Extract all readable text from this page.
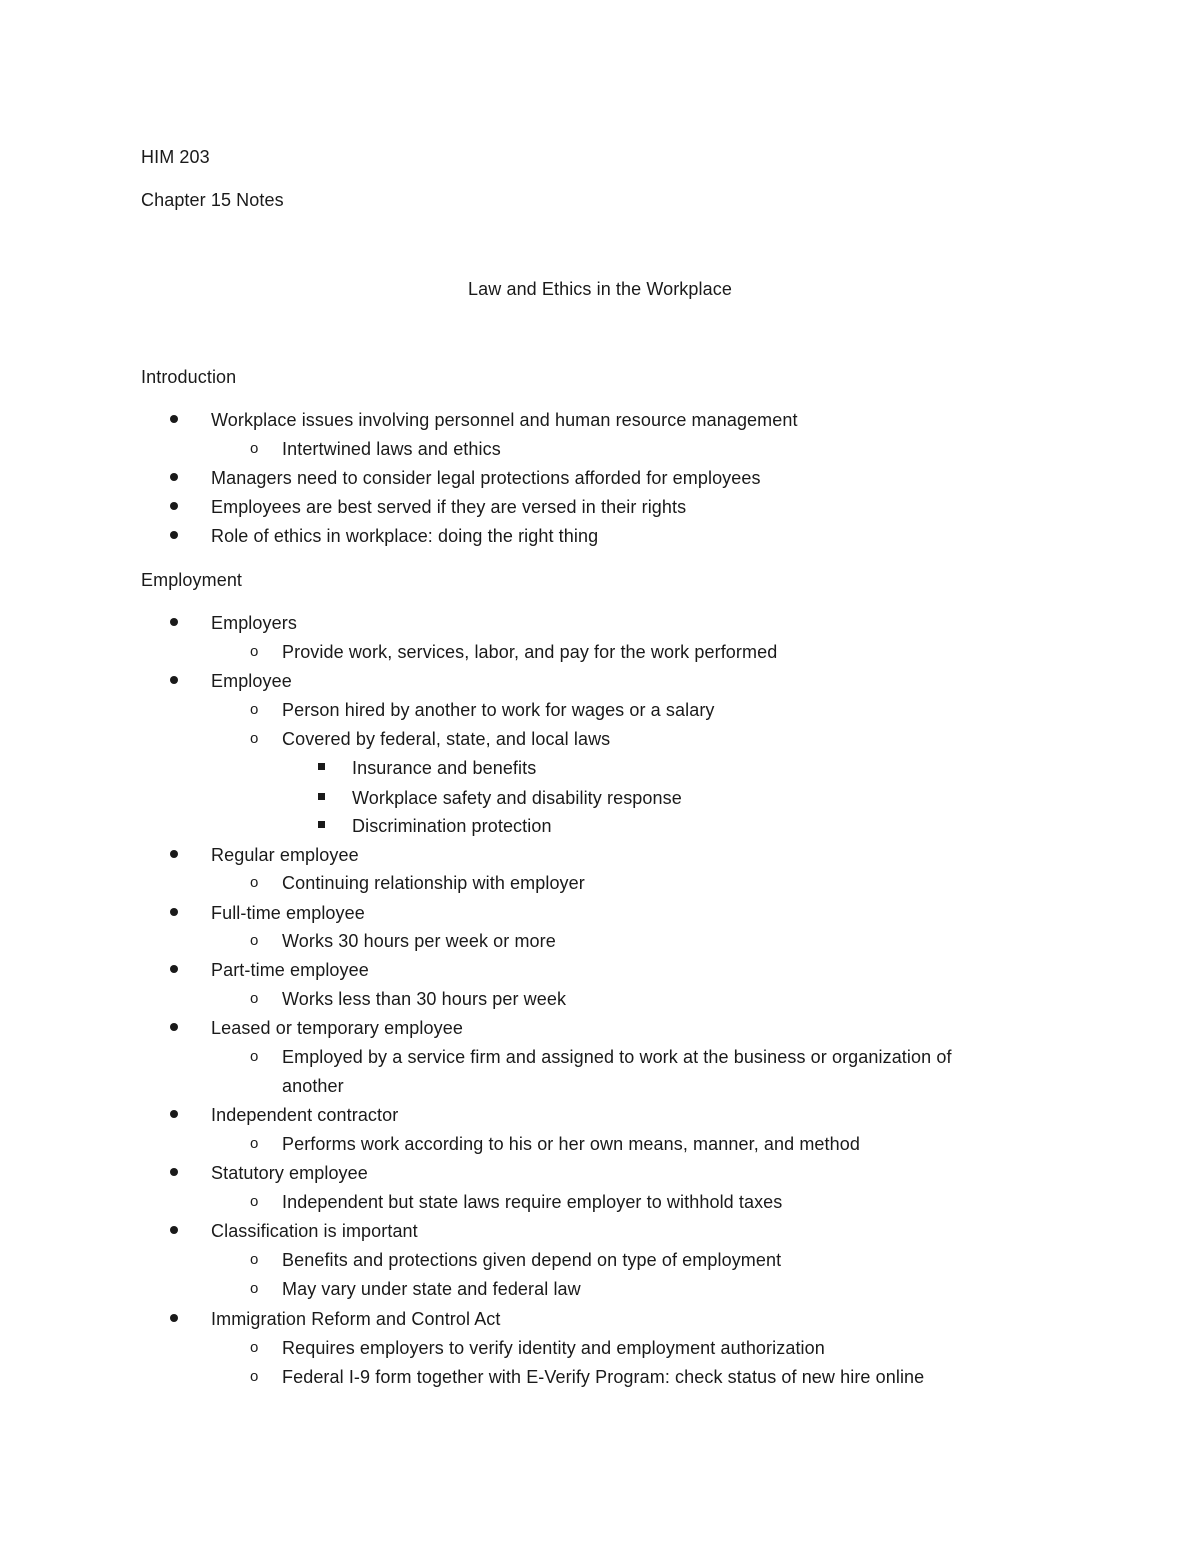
HIM 203
Chapter 15 Notes
Law and Ethics in the Workplace
Introduction
Workplace issues involving personnel and human resource management
o Intertwined laws and ethics
Managers need to consider legal protections afforded for employees
Employees are best served if they are versed in their rights
Role of ethics in workplace: doing the right thing
Employment
Employers
o Provide work, services, labor, and pay for the work performed
Employee
o Person hired by another to work for wages or a salary
o Covered by federal, state, and local laws
Insurance and benefits
Workplace safety and disability response
Discrimination protection
Regular employee
o Continuing relationship with employer
Full-time employee
o Works 30 hours per week or more
Part-time employee
o Works less than 30 hours per week
Leased or temporary employee
o Employed by a service firm and assigned to work at the business or organization of
another
Independent contractor
o Performs work according to his or her own means, manner, and method
Statutory employee
o Independent but state laws require employer to withhold taxes
Classification is important
o Benefits and protections given depend on type of employment
o May vary under state and federal law
Immigration Reform and Control Act
o Requires employers to verify identity and employment authorization
o Federal I-9 form together with E-Verify Program: check status of new hire online
